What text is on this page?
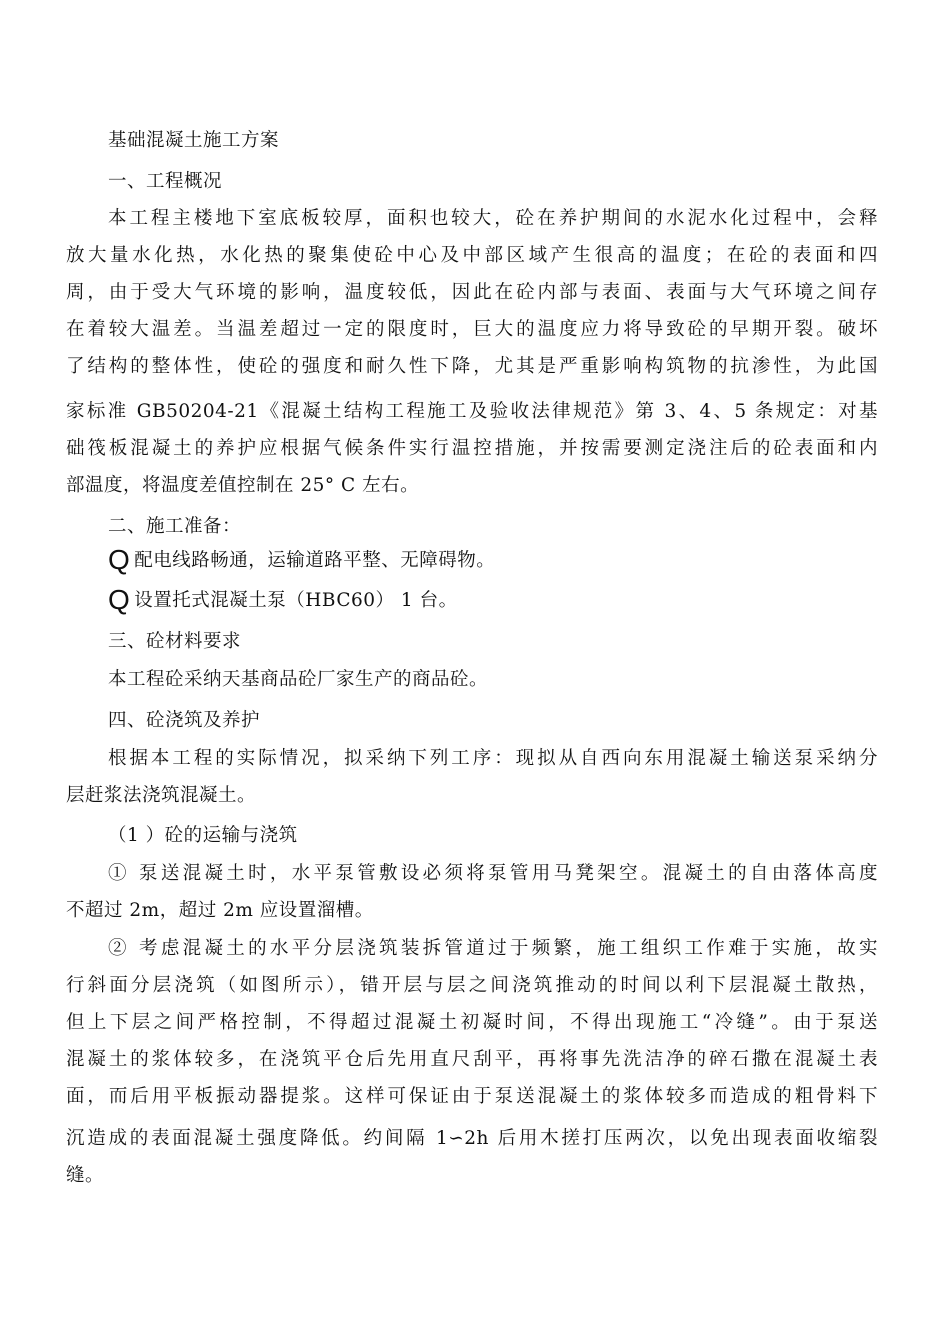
基础混凝土施工方案
一、工程概况
本工程主楼地下室底板较厚，面积也较大，砼在养护期间的水泥水化过程中，会释
放大量水化热，水化热的聚集使砼中心及中部区域产生很高的温度；在砼的表面和四
周，由于受大气环境的影响，温度较低，因此在砼内部与表面、表面与大气环境之间存
在着较大温差。当温差超过一定的限度时，巨大的温度应力将导致砼的早期开裂。破坏
了结构的整体性，使砼的强度和耐久性下降，尤其是严重影响构筑物的抗渗性，为此国
家标准 GB50204-21《混凝土结构工程施工及验收法律规范》第 3、4、5 条规定：对基
础筏板混凝土的养护应根据气候条件实行温控措施，并按需要测定浇注后的砼表面和内
部温度，将温度差值控制在 25° C 左右。
二、施工准备：
Q配电线路畅通，运输道路平整、无障碍物。
Q设置托式混凝土泵（HBC60） 1 台。
三、砼材料要求
本工程砼采纳天基商品砼厂家生产的商品砼。
四、砼浇筑及养护
根据本工程的实际情况，拟采纳下列工序：现拟从自西向东用混凝土输送泵采纳分
层赶浆法浇筑混凝土。
（1 ）砼的运输与浇筑
① 泵送混凝土时，水平泵管敷设必须将泵管用马凳架空。混凝土的自由落体高度
不超过 2m，超过 2m 应设置溜槽。
② 考虑混凝土的水平分层浇筑装拆管道过于频繁，施工组织工作难于实施，故实
行斜面分层浇筑（如图所示），错开层与层之间浇筑推动的时间以利下层混凝土散热，
但上下层之间严格控制，不得超过混凝土初凝时间，不得出现施工“冷缝”。由于泵送
混凝土的浆体较多，在浇筑平仓后先用直尺刮平，再将事先洗洁净的碎石撒在混凝土表
面，而后用平板振动器提浆。这样可保证由于泵送混凝土的浆体较多而造成的粗骨料下
沉造成的表面混凝土强度降低。约间隔 1∽2h 后用木搓打压两次，以免出现表面收缩裂
缝。
